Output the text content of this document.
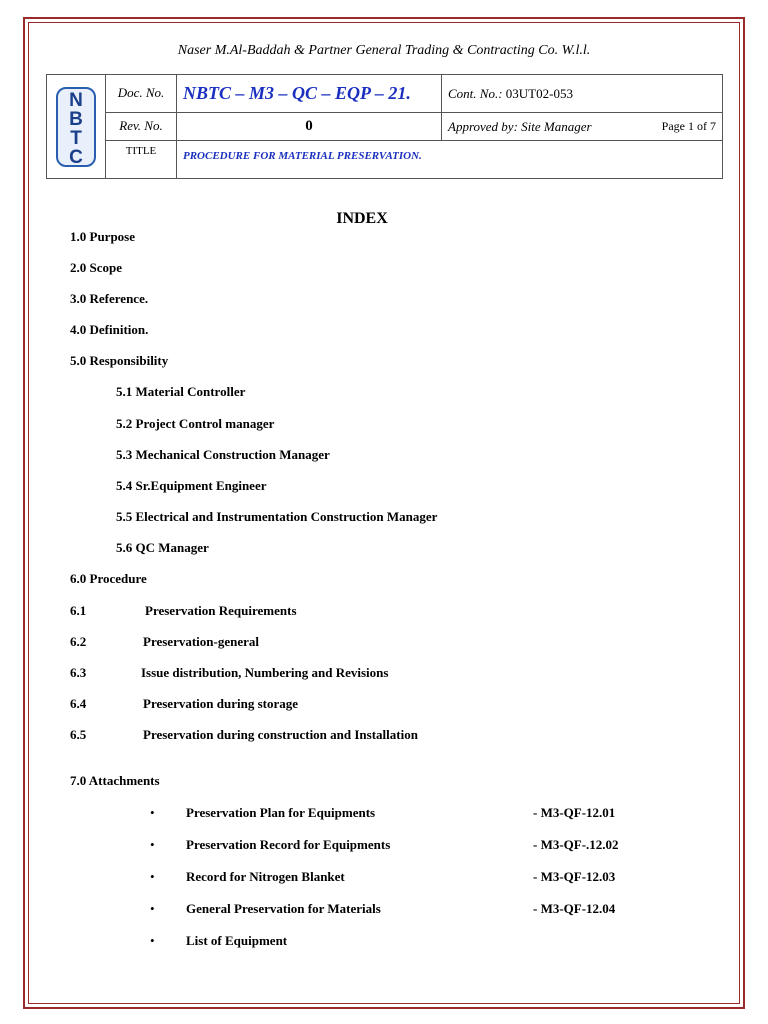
Naser M.Al-Baddah & Partner General Trading & Contracting Co. W.l.l.
N
B
T
C	Doc. No.	NBTC – M3 – QC – EQP – 21.	Cont. No.: 03UT02-053
	Rev. No.	0	Approved by: Site Manager Page 1 of 7

	TITLE	PROCEDURE FOR MATERIAL PRESERVATION.	
INDEX
1.0 Purpose
2.0 Scope
3.0 Reference.
4.0 Definition.
5.0 Responsibility
5.1 Material Controller
5.2 Project Control manager
5.3 Mechanical Construction Manager
5.4 Sr.Equipment Engineer
5.5 Electrical and Instrumentation Construction Manager
5.6 QC Manager
6.0 Procedure
6.1	Preservation Requirements
6.2	Preservation-general
6.3	Issue distribution, Numbering and Revisions
6.4	Preservation during storage
6.5	Preservation during construction and Installation
7.0 Attachments
• Preservation Plan for Equipments	- M3-QF-12.01
• Preservation Record for Equipments	- M3-QF-.12.02
• Record for Nitrogen Blanket	- M3-QF-12.03
• General Preservation for Materials	- M3-QF-12.04
• List of Equipment
